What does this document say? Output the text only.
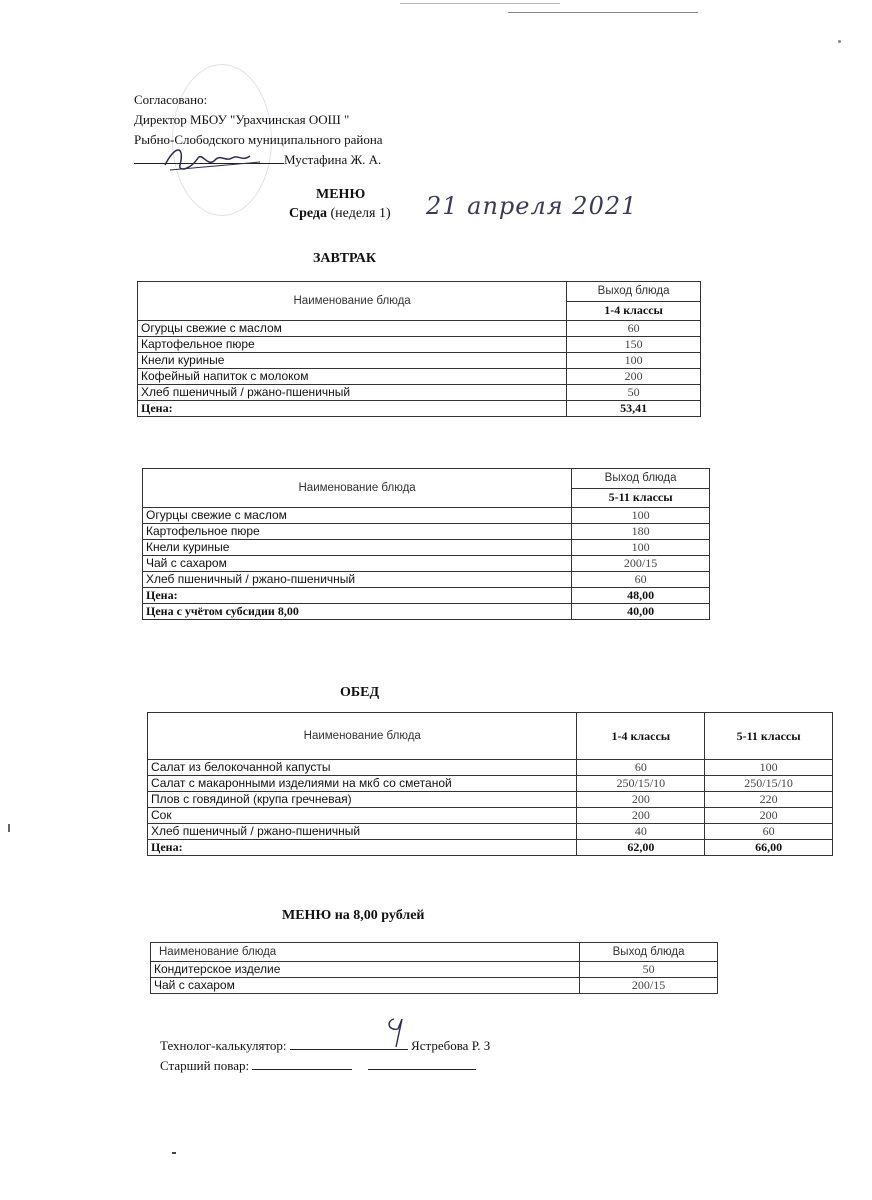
Согласовано:
Директор МБОУ "Урахчинская ООШ "
Рыбно-Слободского муниципального района
Мустафина Ж. А.
МЕНЮ
Среда (неделя 1) 21 апреля 2021
ЗАВТРАК
Наименование блюда	Выход блюда
	1-4 классы
Огурцы свежие с маслом	60
Картофельное пюре	150
Кнели куриные	100
Кофейный напиток с молоком	200
Хлеб пшеничный / ржано-пшеничный	50
Цена:	53,41
Наименование блюда	Выход блюда
	5-11 классы
Огурцы свежие с маслом	100
Картофельное пюре	180
Кнели куриные	100
Чай с сахаром	200/15
Хлеб пшеничный / ржано-пшеничный	60
Цена:	48,00
Цена с учётом субсидии 8,00	40,00
ОБЕД
Наименование блюда	1-4 классы	5-11 классы
Салат из белокочанной капусты	60	100
Салат с макаронными изделиями на мкб со сметаной	250/15/10	250/15/10
Плов с говядиной (крупа гречневая)	200	220
Сок	200	200
Хлеб пшеничный / ржано-пшеничный	40	60
Цена:	62,00	66,00
МЕНЮ на 8,00 рублей
Наименование блюда	Выход блюда
Кондитерское изделие	50
Чай с сахаром	200/15
Технолог-калькулятор:	Ястребова Р. З
Старший повар:
